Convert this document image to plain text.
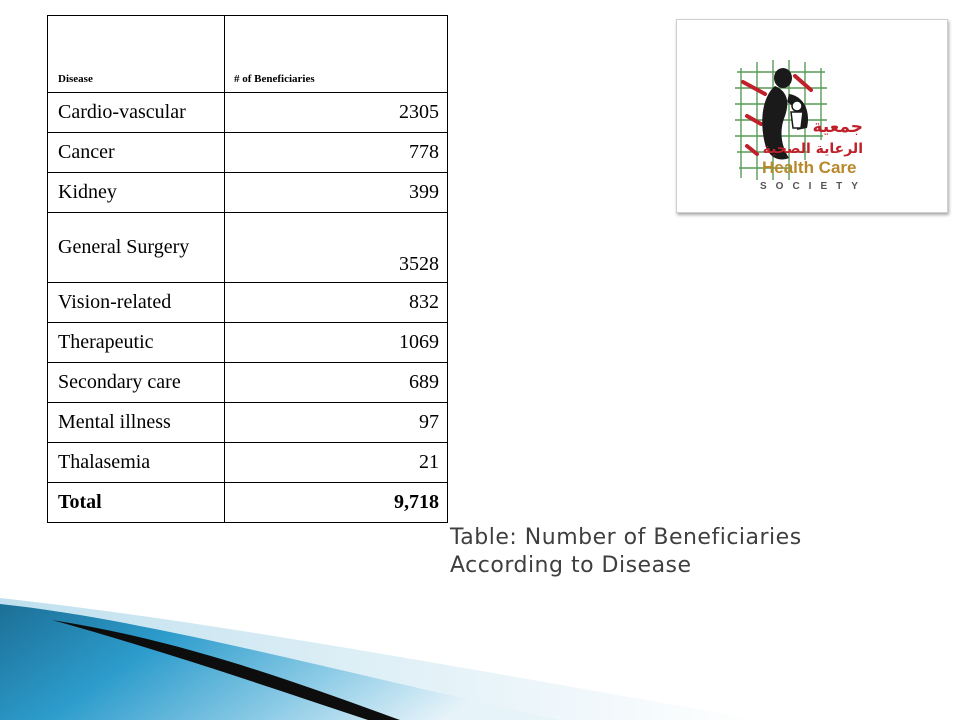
Disease	# of Beneficiaries
Cardio-vascular	2305
Cancer	778
Kidney	399
General Surgery	3528
Vision-related	832
Therapeutic	1069
Secondary care	689
Mental illness	97
Thalasemia	21
Total	9,718
جمعية
الرعاية الصحية
Health Care
SOCIETY

Table: Number of Beneficiaries
According to Disease
